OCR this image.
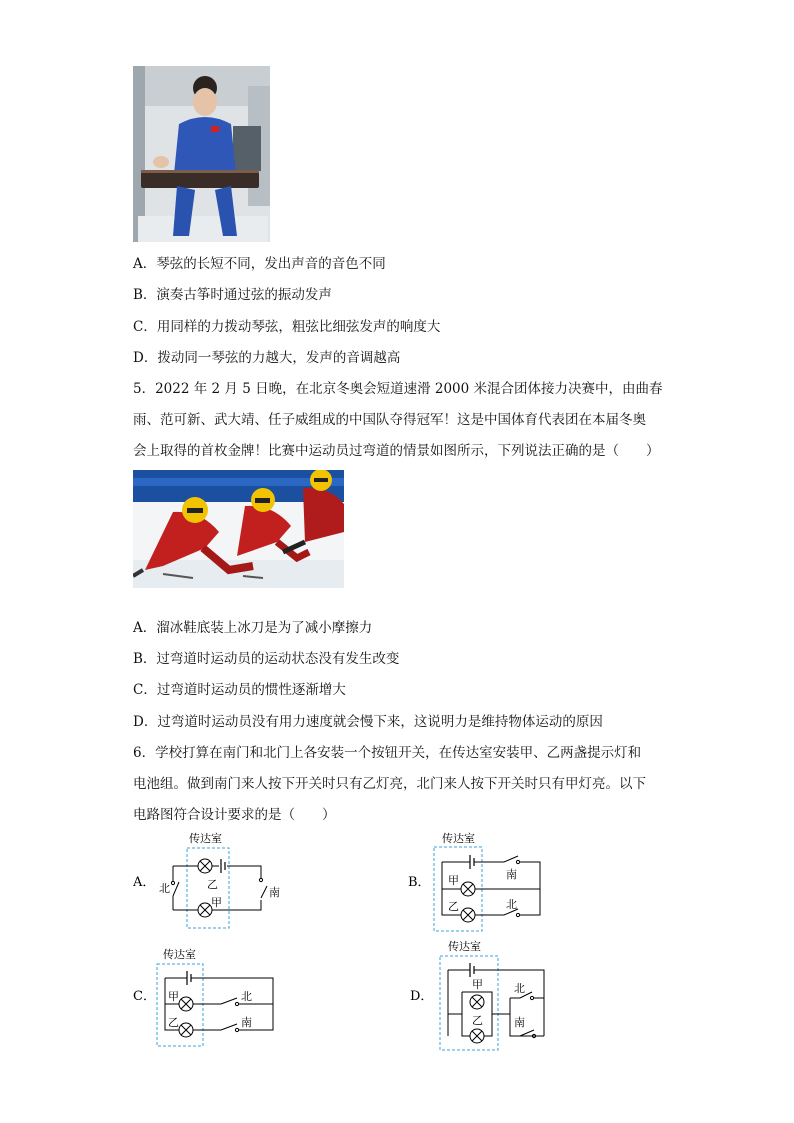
A．琴弦的长短不同，发出声音的音色不同
B．演奏古筝时通过弦的振动发声
C．用同样的力拨动琴弦，粗弦比细弦发声的响度大
D．拨动同一琴弦的力越大，发声的音调越高
5．2022 年 2 月 5 日晚，在北京冬奥会短道速滑 2000 米混合团体接力决赛中，由曲春
雨、范可新、武大靖、任子威组成的中国队夺得冠军！这是中国体育代表团在本届冬奥
会上取得的首枚金牌！比赛中运动员过弯道的情景如图所示，下列说法正确的是（　　）
A．溜冰鞋底装上冰刀是为了减小摩擦力
B．过弯道时运动员的运动状态没有发生改变
C．过弯道时运动员的惯性逐渐增大
D．过弯道时运动员没有用力速度就会慢下来，这说明力是维持物体运动的原因
6．学校打算在南门和北门上各安装一个按钮开关，在传达室安装甲、乙两盏提示灯和
电池组。做到南门来人按下开关时只有乙灯亮，北门来人按下开关时只有甲灯亮。以下
电路图符合设计要求的是（　　）
传达室
A．	乙
甲
北	南
传达室
B． 甲
乙
南
北
传达室
C． 甲
乙
北
南
传达室
D．
甲
乙
北
南
